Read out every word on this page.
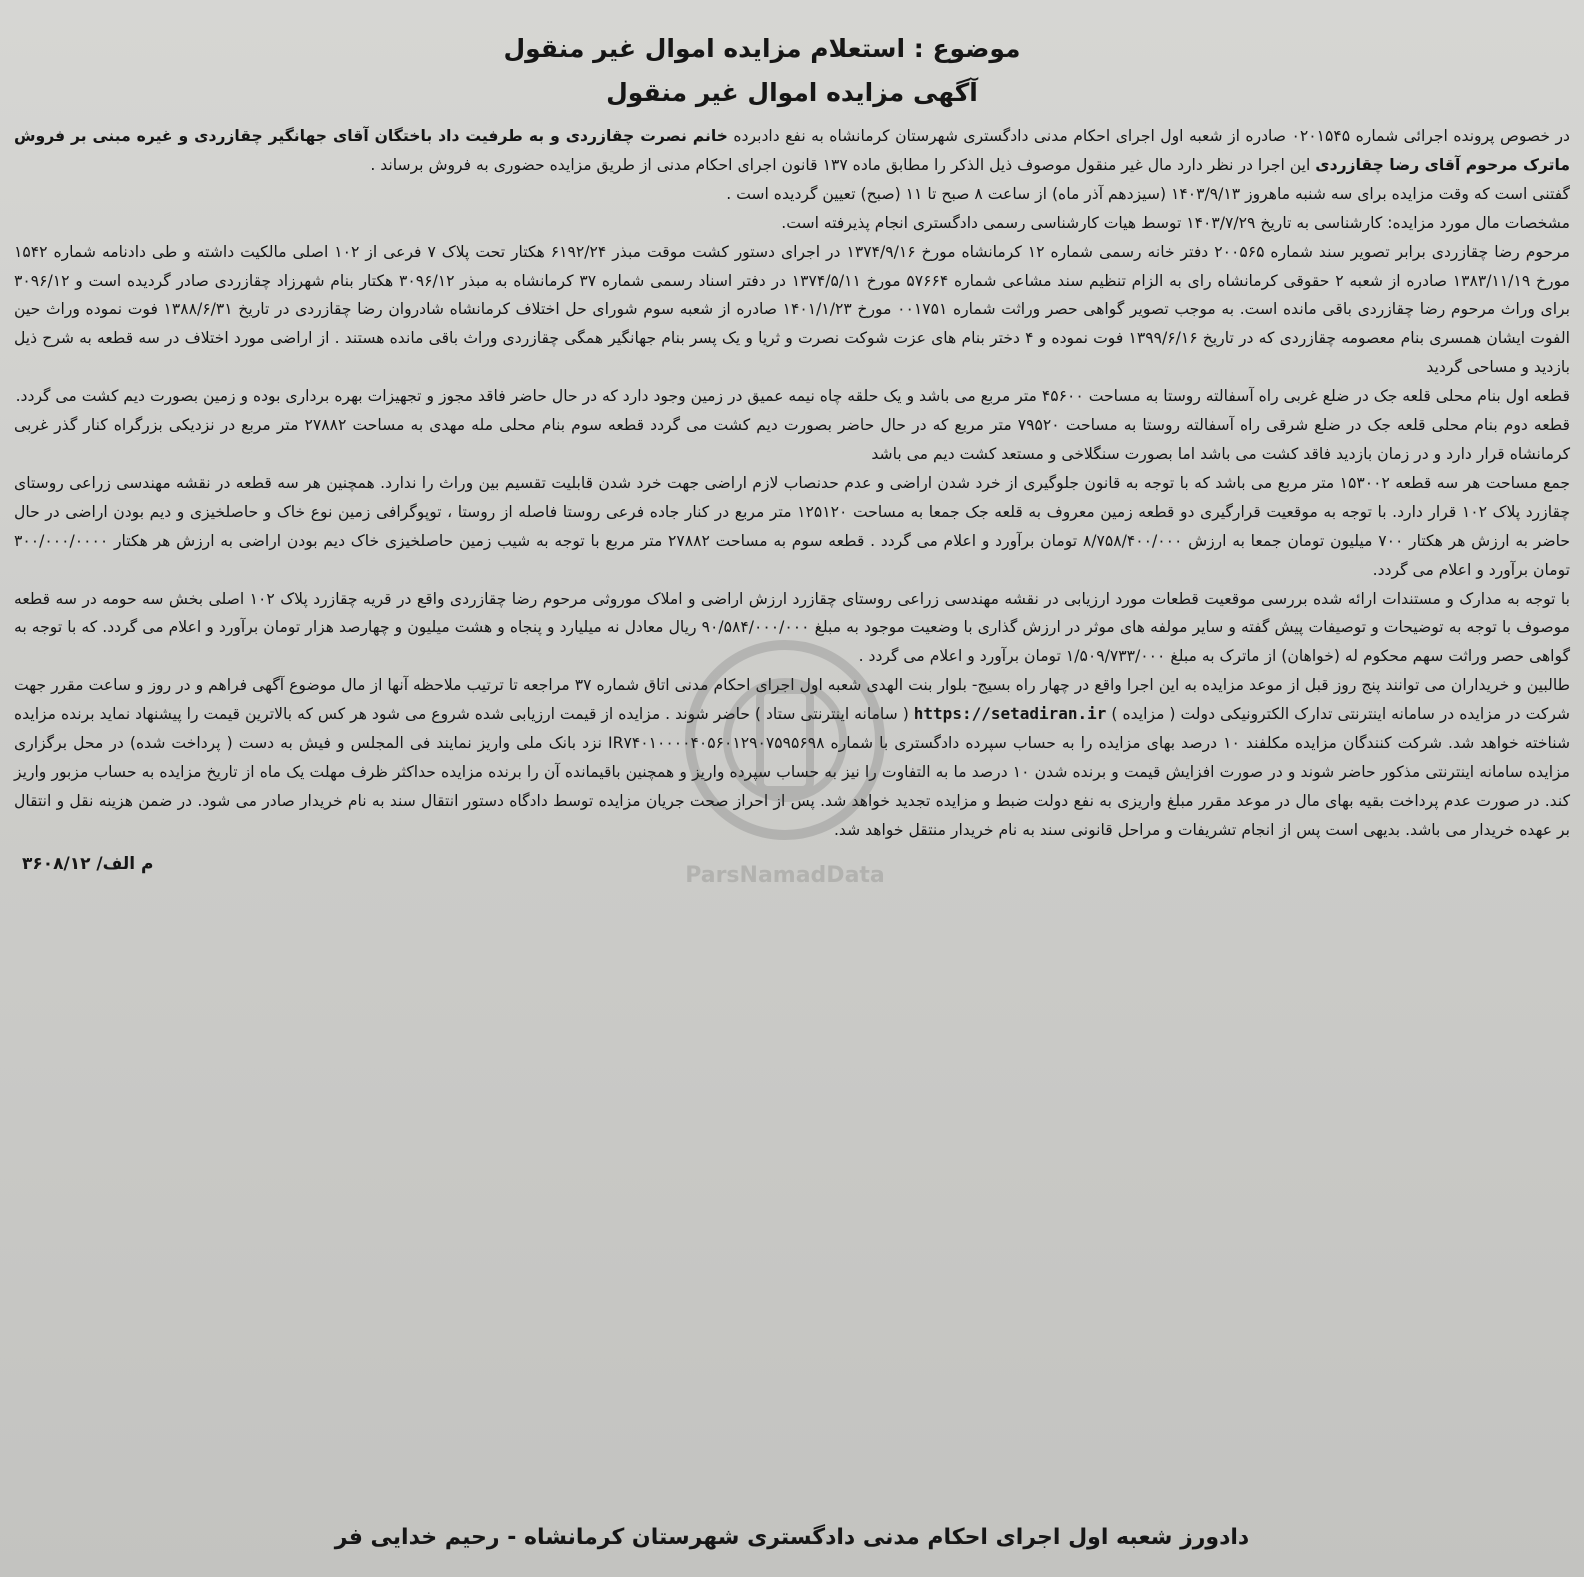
موضوع : استعلام مزایده اموال غیر منقول
آگهی مزایده اموال غیر منقول

در خصوص پرونده اجرائی شماره ۰۲۰۱۵۴۵ صادره از شعبه اول اجرای احکام مدنی دادگستری شهرستان کرمانشاه به نفع دادبرده خانم نصرت چقازردی و به طرفیت داد باختگان آقای جهانگیر چقازردی و غیره مبنی بر فروش ماترک مرحوم آقای رضا چقازردی این اجرا در نظر دارد مال غیر منقول موصوف ذیل الذکر را مطابق ماده ۱۳۷ قانون اجرای احکام مدنی از طریق مزایده حضوری به فروش برساند .

گفتنی است که وقت مزایده برای سه شنبه ماهروز ۱۴۰۳/۹/۱۳ (سیزدهم آذر ماه) از ساعت ۸ صبح تا ۱۱ (صبح) تعیین گردیده است .

مشخصات مال مورد مزایده: کارشناسی به تاریخ ۱۴۰۳/۷/۲۹ توسط هیات کارشناسی رسمی دادگستری انجام پذیرفته است.

مرحوم رضا چقازردی برابر تصویر سند شماره ۲۰۰۵۶۵ دفتر خانه رسمی شماره ۱۲ کرمانشاه مورخ ۱۳۷۴/۹/۱۶ در اجرای دستور کشت موقت مبذر ۶۱۹۲/۲۴ هکتار تحت پلاک ۷ فرعی از ۱۰۲ اصلی مالکیت داشته و طی دادنامه شماره ۱۵۴۲ مورخ ۱۳۸۳/۱۱/۱۹ صادره از شعبه ۲ حقوقی کرمانشاه رای به الزام تنظیم سند مشاعی شماره ۵۷۶۶۴ مورخ ۱۳۷۴/۵/۱۱ در دفتر اسناد رسمی شماره ۳۷ کرمانشاه به مبذر ۳۰۹۶/۱۲ هکتار بنام شهرزاد چقازردی صادر گردیده است و ۳۰۹۶/۱۲ برای وراث مرحوم رضا چقازردی باقی مانده است. به موجب تصویر گواهی حصر وراثت شماره ۰۰۱۷۵۱ مورخ ۱۴۰۱/۱/۲۳ صادره از شعبه سوم شورای حل اختلاف کرمانشاه شادروان رضا چقازردی در تاریخ ۱۳۸۸/۶/۳۱ فوت نموده وراث حین الفوت ایشان همسری بنام معصومه چقازردی که در تاریخ ۱۳۹۹/۶/۱۶ فوت نموده و ۴ دختر بنام های عزت شوکت نصرت و ثریا و یک پسر بنام جهانگیر همگی چقازردی وراث باقی مانده هستند . از اراضی مورد اختلاف در سه قطعه به شرح ذیل بازدید و مساحی گردید

قطعه اول بنام محلی قلعه جک در ضلع غربی راه آسفالته روستا به مساحت ۴۵۶۰۰ متر مربع می باشد و یک حلقه چاه نیمه عمیق در زمین وجود دارد که در حال حاضر فاقد مجوز و تجهیزات بهره برداری بوده و زمین بصورت دیم کشت می گردد.

قطعه دوم بنام محلی قلعه جک در ضلع شرقی راه آسفالته روستا به مساحت ۷۹۵۲۰ متر مربع که در حال حاضر بصورت دیم کشت می گردد قطعه سوم بنام محلی مله مهدی به مساحت ۲۷۸۸۲ متر مربع در نزدیکی بزرگراه کنار گذر غربی کرمانشاه قرار دارد و در زمان بازدید فاقد کشت می باشد اما بصورت سنگلاخی و مستعد کشت دیم می باشد

جمع مساحت هر سه قطعه ۱۵۳۰۰۲ متر مربع می باشد که با توجه به قانون جلوگیری از خرد شدن اراضی و عدم حدنصاب لازم اراضی جهت خرد شدن قابلیت تقسیم بین وراث را ندارد. همچنین هر سه قطعه در نقشه مهندسی زراعی روستای چقازرد پلاک ۱۰۲ قرار دارد. با توجه به موقعیت قرارگیری دو قطعه زمین معروف به قلعه جک جمعا به مساحت ۱۲۵۱۲۰ متر مربع در کنار جاده فرعی روستا فاصله از روستا ، توپوگرافی زمین نوع خاک و حاصلخیزی و دیم بودن اراضی در حال حاضر به ارزش هر هکتار ۷۰۰ میلیون تومان جمعا به ارزش ۸/۷۵۸/۴۰۰/۰۰۰ تومان برآورد و اعلام می گردد . قطعه سوم به مساحت ۲۷۸۸۲ متر مربع با توجه به شیب زمین حاصلخیزی خاک دیم بودن اراضی به ارزش هر هکتار ۳۰۰/۰۰۰/۰۰۰۰ تومان برآورد و اعلام می گردد.

با توجه به مدارک و مستندات ارائه شده بررسی موقعیت قطعات مورد ارزیابی در نقشه مهندسی زراعی روستای چقازرد ارزش اراضی و املاک موروثی مرحوم رضا چقازردی واقع در قریه چقازرد پلاک ۱۰۲ اصلی بخش سه حومه در سه قطعه موصوف با توجه به توضیحات و توصیفات پیش گفته و سایر مولفه های موثر در ارزش گذاری با وضعیت موجود به مبلغ ۹۰/۵۸۴/۰۰۰/۰۰۰ ریال معادل نه میلیارد و پنجاه و هشت میلیون و چهارصد هزار تومان برآورد و اعلام می گردد. که با توجه به گواهی حصر وراثت سهم محکوم له (خواهان) از ماترک به مبلغ ۱/۵۰۹/۷۳۳/۰۰۰ تومان برآورد و اعلام می گردد .

طالبین و خریداران می توانند پنج روز قبل از موعد مزایده به این اجرا واقع در چهار راه بسیج- بلوار بنت الهدی شعبه اول اجرای احکام مدنی اتاق شماره ۳۷ مراجعه تا ترتیب ملاحظه آنها از مال موضوع آگهی فراهم و در روز و ساعت مقرر جهت شرکت در مزایده در سامانه اینترنتی تدارک الکترونیکی دولت ( مزایده ) https://setadiran.ir ( سامانه اینترنتی ستاد ) حاضر شوند . مزایده از قیمت ارزیابی شده شروع می شود هر کس که بالاترین قیمت را پیشنهاد نماید برنده مزایده شناخته خواهد شد. شرکت کنندگان مزایده مکلفند ۱۰ درصد بهای مزایده را به حساب سپرده دادگستری با شماره IR۷۴۰۱۰۰۰۰۴۰۵۶۰۱۲۹۰۷۵۹۵۶۹۸ نزد بانک ملی واریز نمایند فی المجلس و فیش به دست ( پرداخت شده) در محل برگزاری مزایده سامانه اینترنتی مذکور حاضر شوند و در صورت افزایش قیمت و برنده شدن ۱۰ درصد ما به التفاوت را نیز به حساب سپرده واریز و همچنین باقیمانده آن را برنده مزایده حداکثر ظرف مهلت یک ماه از تاریخ مزایده به حساب مزبور واریز کند. در صورت عدم پرداخت بقیه بهای مال در موعد مقرر مبلغ واریزی به نفع دولت ضبط و مزایده تجدید خواهد شد. پس از احراز صحت جریان مزایده توسط دادگاه دستور انتقال سند به نام خریدار صادر می شود. در ضمن هزینه نقل و انتقال بر عهده خریدار می باشد. بدیهی است پس از انجام تشریفات و مراحل قانونی سند به نام خریدار منتقل خواهد شد.

۳۶۰۸/م الف/ ۱۲
دادورز شعبه اول اجرای احکام مدنی دادگستری شهرستان کرمانشاه - رحیم خدایی فر
ParsNamadData
